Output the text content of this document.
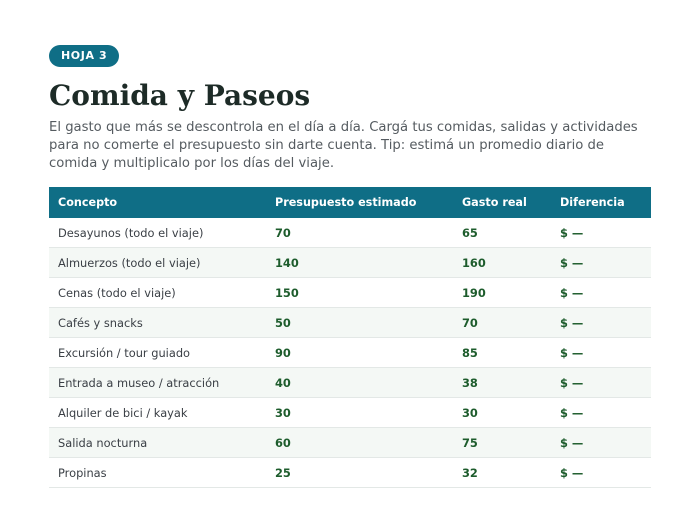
HOJA 3
Comida y Paseos

El gasto que más se descontrola en el día a día. Cargá tus comidas, salidas y actividades para no comerte el presupuesto sin darte cuenta. Tip: estimá un promedio diario de comida y multiplicalo por los días del viaje.

Concepto	Presupuesto estimado	Gasto real	Diferencia
Desayunos (todo el viaje)	70	65	$ —
Almuerzos (todo el viaje)	140	160	$ —
Cenas (todo el viaje)	150	190	$ —
Cafés y snacks	50	70	$ —
Excursión / tour guiado	90	85	$ —
Entrada a museo / atracción	40	38	$ —
Alquiler de bici / kayak	30	30	$ —
Salida nocturna	60	75	$ —
Propinas	25	32	$ —
